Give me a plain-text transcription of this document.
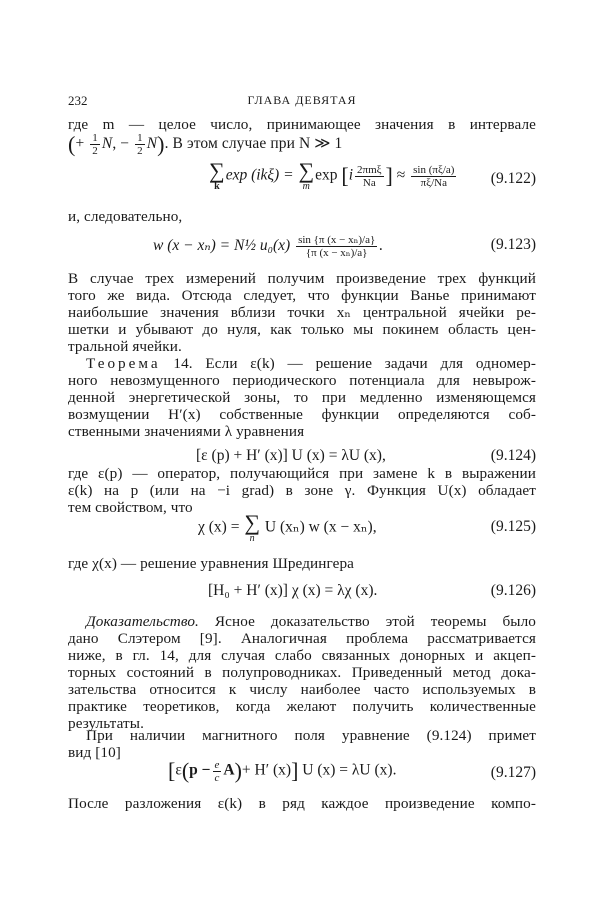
232	ГЛАВА ДЕВЯТАЯ
где m — целое число, принимающее значения в интервале
(+ $\frac{1}{2} N$, − $\frac{1}{2} N$). В этом случае при N ≫ 1
∑
k
exp (ikξ) = ∑
m
$\exp [i \frac{\text{2πmξ}}{Na}$ ] ≈ $\frac{\sin (\pi\xi/a)}{\pi\xi/Na} (9.122)$
и, следовательно,
w (x − xₙ) = N½ $u_0(x) \frac{\text{sin \{π (x − xₙ)/a\}}}{\text{\{π (x − xₙ)/a\}}}$ .	(9.123)
В случае трех измерений получим произведение трех функций
того же вида. Отсюда следует, что функции Ванье принимают
наибольшие значения вблизи точки xₙ центральной ячейки ре-
шетки и убывают до нуля, как только мы покинем область цен-
тральной ячейки.
Теорема 14. Если ε(k) — решение задачи для одномер-
ного невозмущенного периодического потенциала для невырож-
денной энергетической зоны, то при медленно изменяющемся
возмущении H′(x) собственные функции определяются соб-
ственными значениями λ уравнения
[ε (p) + H′ (x)] U (x) = λU (x),	(9.124)
где ε(p) — оператор, получающийся при замене k в выражении
ε(k) на p (или на −i grad) в зоне γ. Функция U(x) обладает
тем свойством, что
χ (x) = ∑
n
U (xₙ) w (x − xₙ),	(9.125)
где χ(x) — решение уравнения Шредингера
[H₀ + H′ (x)] χ (x) = λχ (x).	(9.126)
Доказательство. Ясное доказательство этой теоремы было
дано Слэтером [9]. Аналогичная проблема рассматривается
ниже, в гл. 14, для случая слабо связанных донорных и акцеп-
торных состояний в полупроводниках. Приведенный метод дока-
зательства относится к числу наиболее часто используемых в
практике теоретиков, когда желают получить количественные
результаты.
При наличии магнитного поля уравнение (9.124) примет
вид [10]
[$\varepsilon(p - \frac{e}{c} A)+ H'$ (x)] U (x) = λU (x).	(9.127)
После разложения ε(k) в ряд каждое произведение компо-
